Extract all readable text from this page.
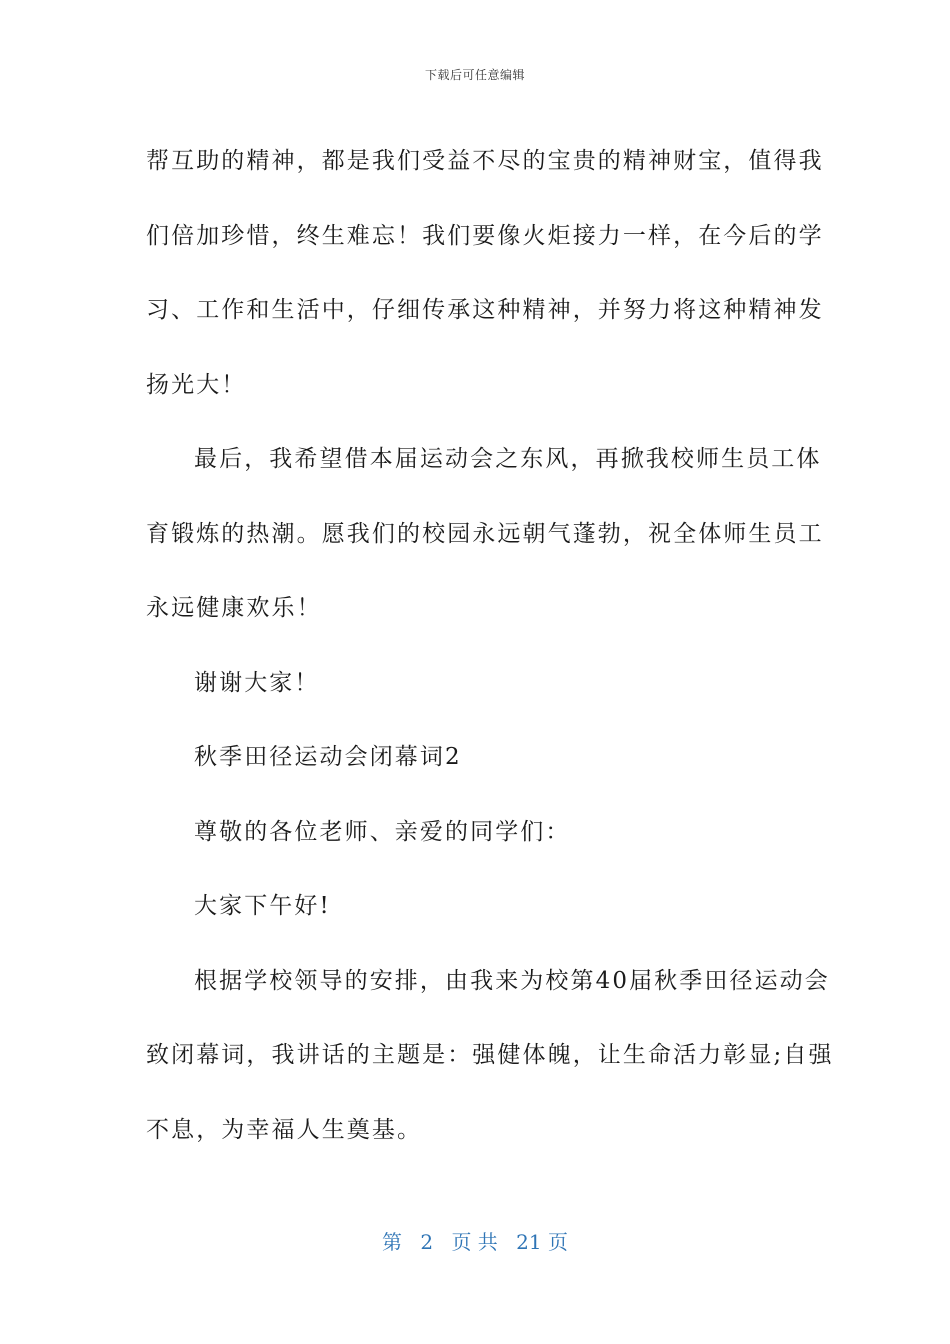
下载后可任意编辑
帮互助的精神，都是我们受益不尽的宝贵的精神财宝，值得我
们倍加珍惜，终生难忘！我们要像火炬接力一样，在今后的学
习、工作和生活中，仔细传承这种精神，并努力将这种精神发
扬光大！
最后，我希望借本届运动会之东风，再掀我校师生员工体
育锻炼的热潮。愿我们的校园永远朝气蓬勃，祝全体师生员工
永远健康欢乐！
谢谢大家！
秋季田径运动会闭幕词2
尊敬的各位老师、亲爱的同学们：
大家下午好!
根据学校领导的安排，由我来为校第40届秋季田径运动会
致闭幕词，我讲话的主题是：强健体魄，让生命活力彰显;自强
不息，为幸福人生奠基。
第 2 页 共 21 页
